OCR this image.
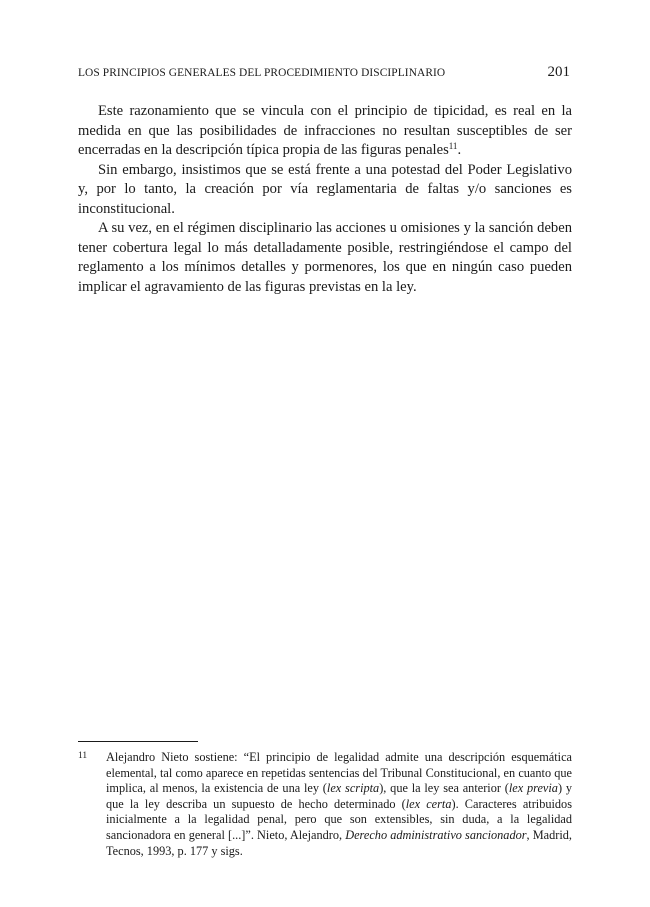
LOS PRINCIPIOS GENERALES DEL PROCEDIMIENTO DISCIPLINARIO	201

Este razonamiento que se vincula con el principio de tipicidad, es real en la medida en que las posibilidades de infracciones no resultan susceptibles de ser encerradas en la descripción típica propia de las figuras penales$^{11}$.

Sin embargo, insistimos que se está frente a una potestad del Poder Legislativo y, por lo tanto, la creación por vía reglamentaria de faltas y/o sanciones es inconstitucional.

A su vez, en el régimen disciplinario las acciones u omisiones y la sanción deben tener cobertura legal lo más detalladamente posible, restringiéndose el campo del reglamento a los mínimos detalles y pormenores, los que en ningún caso pueden implicar el agravamiento de las figuras previstas en la ley.

11 Alejandro Nieto sostiene: “El principio de legalidad admite una descripción esquemática elemental, tal como aparece en repetidas sentencias del Tribunal Constitucional, en cuanto que implica, al menos, la existencia de una ley (lex scripta), que la ley sea anterior (lex previa) y que la ley describa un supuesto de hecho determinado (lex certa). Caracteres atribuidos inicialmente a la legalidad penal, pero que son extensibles, sin duda, a la legalidad sancionadora en general [...]”. Nieto, Alejandro, Derecho administrativo sancionador, Madrid, Tecnos, 1993, p. 177 y sigs.
